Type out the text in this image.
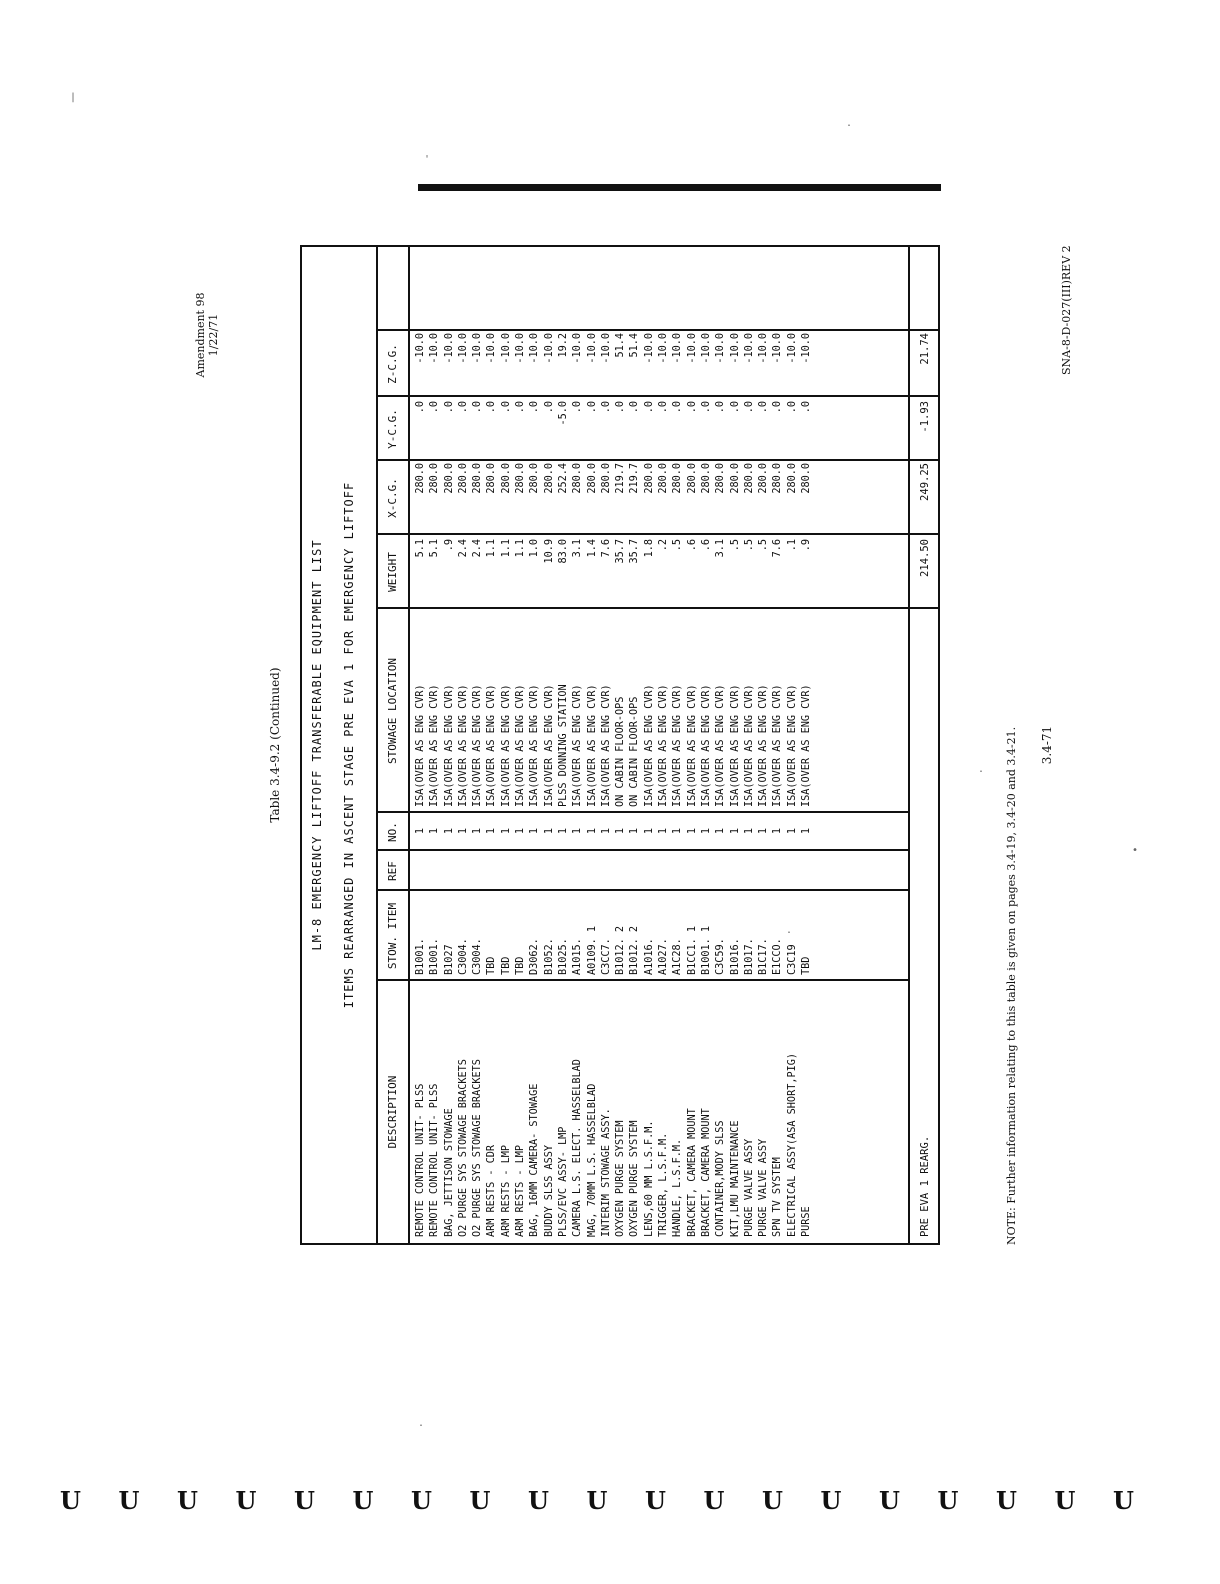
|
'
.
.
•
.
.
Amendment 98 1/22/71
Table 3.4-9.2 (Continued) LM-8 EMERGENCY LIFTOFF TRANSFERABLE EQUIPMENT LIST ITEMS REARRANGED IN ASCENT STAGE PRE EVA 1 FOR EMERGENCY LIFTOFF
DESCRIPTION
STOW. ITEM
REF
NO.
STOWAGE LOCATION
WEIGHT
X-C.G.
Y-C.G.
Z-C.G.
REMOTE CONTROL UNIT- PLSS
B1001.
1
ISA(OVER AS ENG CVR)
5.1
280.0
.0
-10.0
REMOTE CONTROL UNIT- PLSS
B1001.
1
ISA(OVER AS ENG CVR)
5.1
280.0
.0
-10.0
BAG, JETTISON STOWAGE
B1027
1
ISA(OVER AS ENG CVR)
.9
280.0
.0
-10.0
O2 PURGE SYS STOWAGE BRACKETS
C3004.
1
ISA(OVER AS ENG CVR)
2.4
280.0
.0
-10.0
O2 PURGE SYS STOWAGE BRACKETS
C3004.
1
ISA(OVER AS ENG CVR)
2.4
280.0
.0
-10.0
ARM RESTS - CDR
TBD
1
ISA(OVER AS ENG CVR)
1.1
280.0
.0
-10.0
ARM RESTS - LMP
TBD
1
ISA(OVER AS ENG CVR)
1.1
280.0
.0
-10.0
ARM RESTS - LMP
TBD
1
ISA(OVER AS ENG CVR)
1.1
280.0
.0
-10.0
BAG, 16MM CAMERA- STOWAGE
D3062.
1
ISA(OVER AS ENG CVR)
1.0
280.0
.0
-10.0
BUDDY SLSS ASSY
B1052.
1
ISA(OVER AS ENG CVR)
10.9
280.0
.0
-10.0
PLSS/EVC ASSY- LMP
B1025.
1
PLSS DONNING STATION
83.0
252.4
-5.0
19.2
CAMERA L.S. ELECT. HASSELBLAD
A1015.
1
ISA(OVER AS ENG CVR)
3.1
280.0
.0
-10.0
MAG, 70MM L.S. HASSELBLAD
A0109. 1
1
ISA(OVER AS ENG CVR)
1.4
280.0
.0
-10.0
INTERIM STOWAGE ASSY.
C3CC7.
1
ISA(OVER AS ENG CVR)
7.6
280.0
.0
-10.0
OXYGEN PURGE SYSTEM
B1012. 2
1
ON CABIN FLOOR-OPS
35.7
219.7
.0
51.4
OXYGEN PURGE SYSTEM
B1012. 2
1
ON CABIN FLOOR-OPS
35.7
219.7
.0
51.4
LENS,60 MM L.S.F.M.
A1016.
1
ISA(OVER AS ENG CVR)
1.8
280.0
.0
-10.0
TRIGGER, L.S.F.M.
A1027.
1
ISA(OVER AS ENG CVR)
.2
280.0
.0
-10.0
HANDLE, L.S.F.M.
A1C28.
1
ISA(OVER AS ENG CVR)
.5
280.0
.0
-10.0
BRACKET, CAMERA MOUNT
B1CC1. 1
1
ISA(OVER AS ENG CVR)
.6
280.0
.0
-10.0
BRACKET, CAMERA MOUNT
B1001. 1
1
ISA(OVER AS ENG CVR)
.6
280.0
.0
-10.0
CONTAINER,MODY SLSS
C3C59.
1
ISA(OVER AS ENG CVR)
3.1
280.0
.0
-10.0
KIT,LMU MAINTENANCE
B1016.
1
ISA(OVER AS ENG CVR)
.5
280.0
.0
-10.0
PURGE VALVE ASSY
B1017.
1
ISA(OVER AS ENG CVR)
.5
280.0
.0
-10.0
PURGE VALVE ASSY
B1C17.
1
ISA(OVER AS ENG CVR)
.5
280.0
.0
-10.0
SPN TV SYSTEM
E1CCO.
1
ISA(OVER AS ENG CVR)
7.6
280.0
.0
-10.0
ELECTRICAL ASSY(ASA SHORT,PIG)
C3C19
1
ISA(OVER AS ENG CVR)
.1
280.0
.0
-10.0
PURSE
TBD
1
ISA(OVER AS ENG CVR)
.9
280.0
.0
-10.0
PRE EVA 1 REARG.
214.50
249.25
-1.93
21.74
NOTE: Further information relating to this table is given on pages 3.4-19, 3.4-20 and 3.4-21. 3.4-71
SNA-8-D-027(III)REV 2
U U U U U U U U U U U U U U U U U U U
